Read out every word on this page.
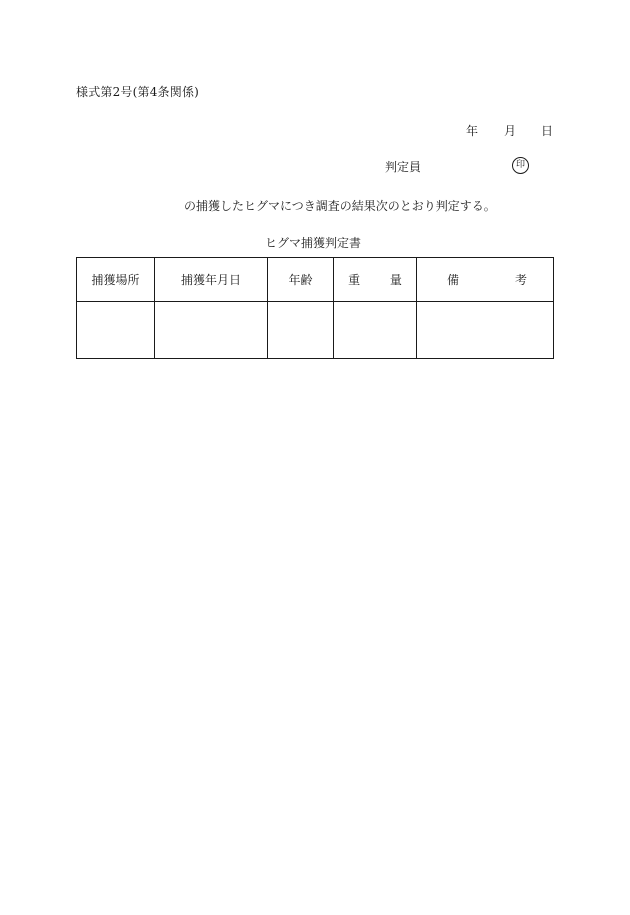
様式第2号(第4条関係)
年 月 日
判定員	印
の捕獲したヒグマにつき調査の結果次のとおり判定する。
ヒグマ捕獲判定書
捕獲場所	捕獲年月日	年齢	重 量	備 考
